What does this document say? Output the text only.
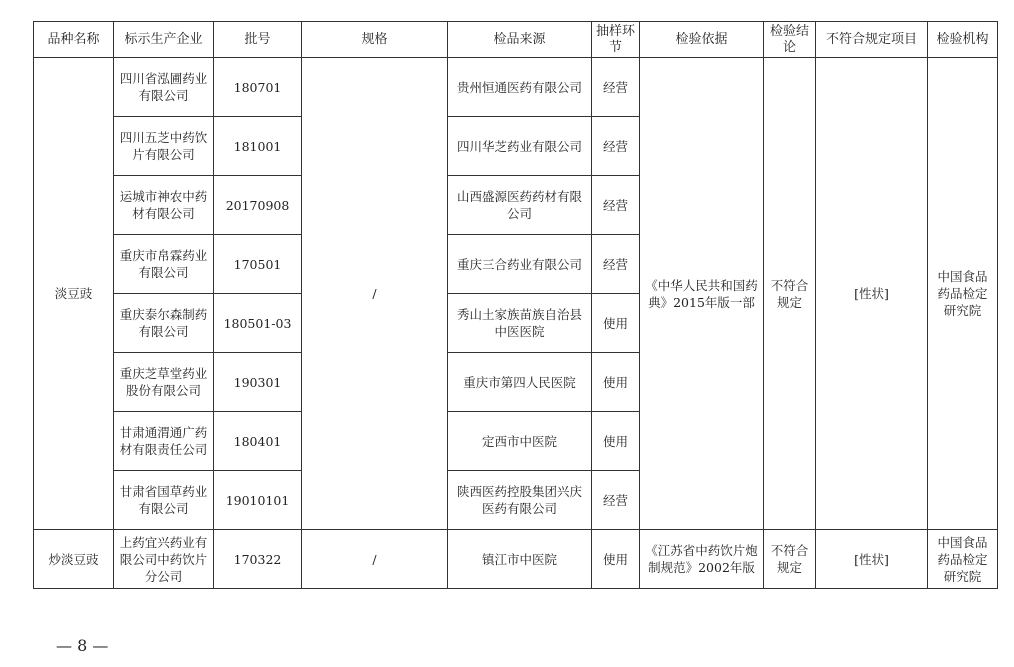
品种名称	标示生产企业	批号	规格	检品来源	抽样环节	检验依据	检验结论	不符合规定项目	检验机构
淡豆豉	四川省泓圃药业有限公司	180701	/	贵州恒通医药有限公司	经营	《中华人民共和国药典》2015年版一部	不符合规定	[性状]	中国食品药品检定研究院
	四川五芝中药饮片有限公司	181001		四川华芝药业有限公司	经营				
	运城市神农中药材有限公司	20170908		山西盛源医药药材有限公司	经营				
	重庆市帛霖药业有限公司	170501		重庆三合药业有限公司	经营				
	重庆泰尔森制药有限公司	180501-03		秀山土家族苗族自治县中医医院	使用				
	重庆芝草堂药业股份有限公司	190301		重庆市第四人民医院	使用				
	甘肃通渭通广药材有限责任公司	180401		定西市中医院	使用				
	甘肃省国草药业有限公司	19010101		陕西医药控股集团兴庆医药有限公司	经营				
炒淡豆豉	上药宜兴药业有限公司中药饮片分公司	170322	/	镇江市中医院	使用	《江苏省中药饮片炮制规范》2002年版	不符合规定	[性状]	中国食品药品检定研究院
— 8 —
